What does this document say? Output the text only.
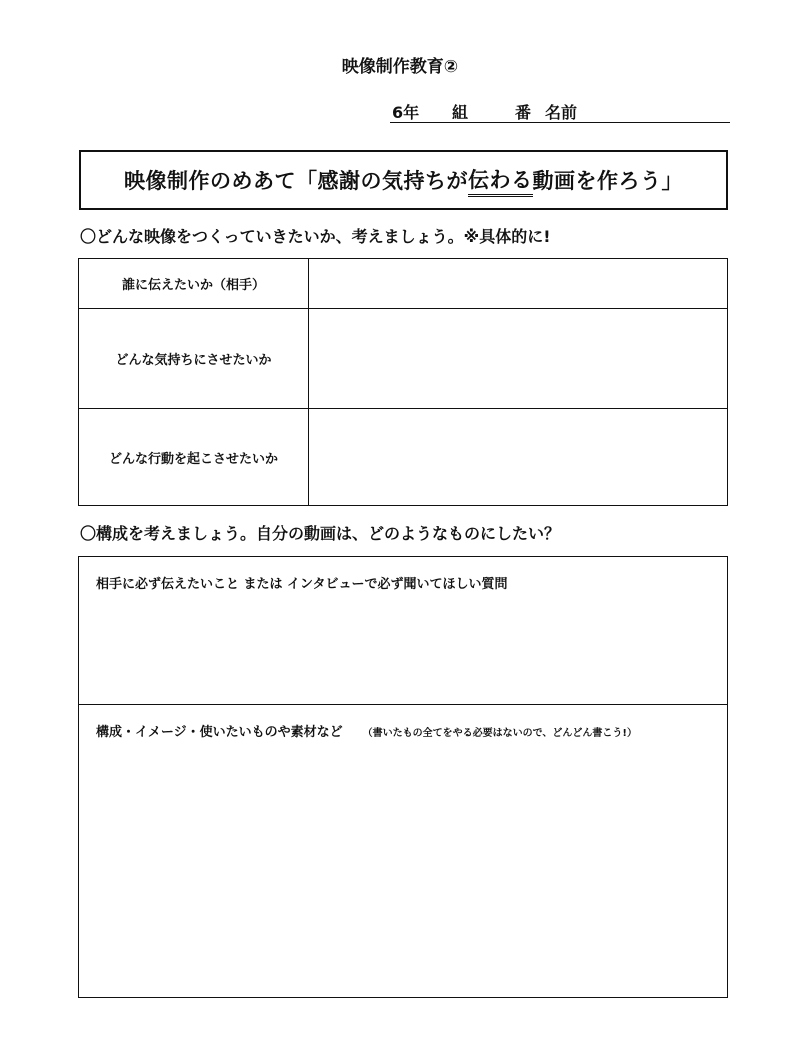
映像制作教育②
6年 組	番 名前
映像制作のめあて「感謝の気持ちが 伝わる 動画を作ろう」
〇どんな映像をつくっていきたいか、考えましょう。※具体的に!
誰に伝えたいか（相手）
どんな気持ちにさせたいか
どんな行動を起こさせたいか
〇構成を考えましょう。自分の動画は、どのようなものにしたい？
相手に必ず伝えたいこと または インタビューで必ず聞いてほしい質問
構成・イメージ・使いたいものや素材など （書いたもの全てをやる必要はないので、どんどん書こう!）
